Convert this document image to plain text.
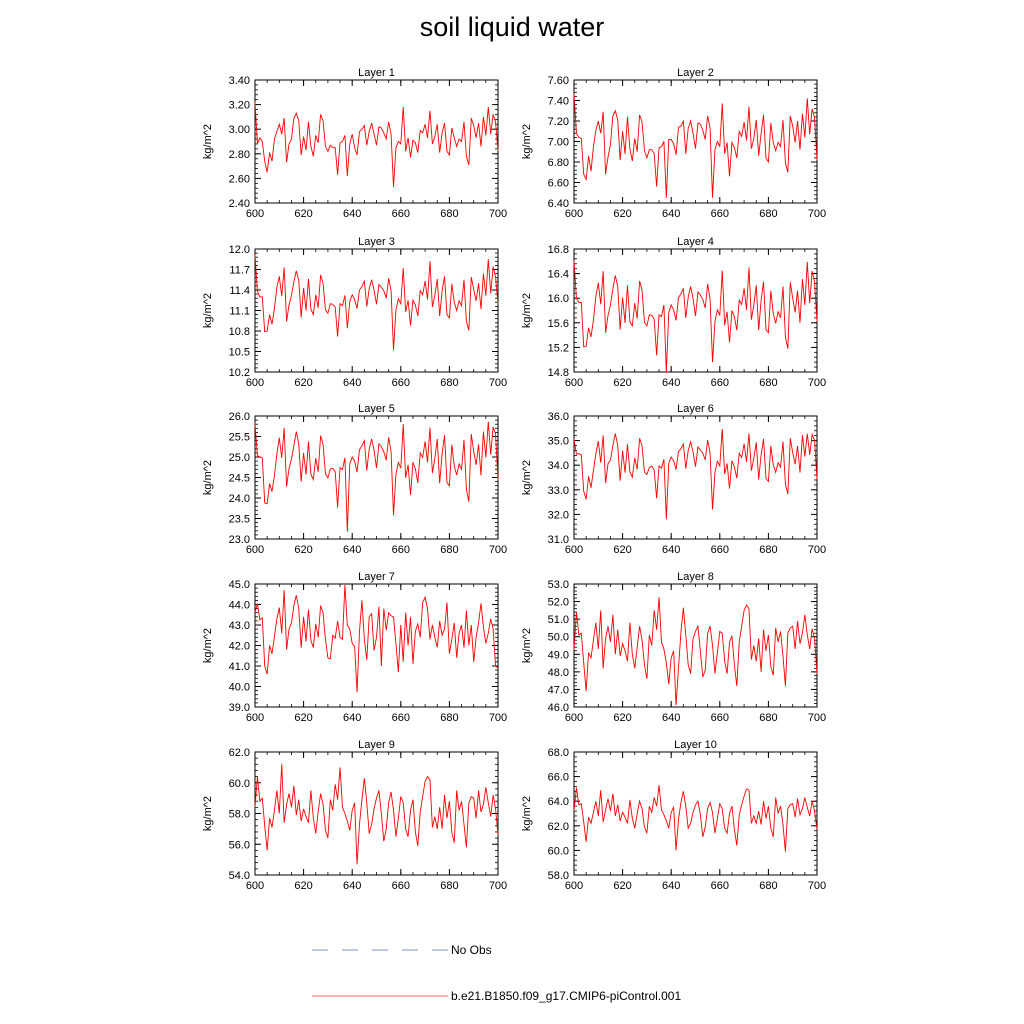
soil liquid water
Layer 1
kg/m^2
600	620	640	660	680	700
2.40
2.60
2.80
3.00
3.20
3.40
Layer 2
kg/m^2
600	620	640	660	680	700
6.40
6.60
6.80
7.00
7.20
7.40
7.60
Layer 3
kg/m^2
600	620	640	660	680	700
10.2
10.5
10.8
11.1
11.4
11.7
12.0
Layer 4
kg/m^2
600	620	640	660	680	700
14.8
15.2
15.6
16.0
16.4
16.8
Layer 5
kg/m^2
600	620	640	660	680	700
23.0
23.5
24.0
24.5
25.0
25.5
26.0
Layer 6
kg/m^2
600	620	640	660	680	700
31.0
32.0
33.0
34.0
35.0
36.0
Layer 7
kg/m^2
600	620	640	660	680	700
39.0
40.0
41.0
42.0
43.0
44.0
45.0
Layer 8
kg/m^2
600	620	640	660	680	700
46.0
47.0
48.0
49.0
50.0
51.0
52.0
53.0
Layer 9
kg/m^2
600	620	640	660	680	700
54.0
56.0
58.0
60.0
62.0
Layer 10
kg/m^2
600	620	640	660	680	700
58.0
60.0
62.0
64.0
66.0
68.0
No Obs
b.e21.B1850.f09_g17.CMIP6-piControl.001
